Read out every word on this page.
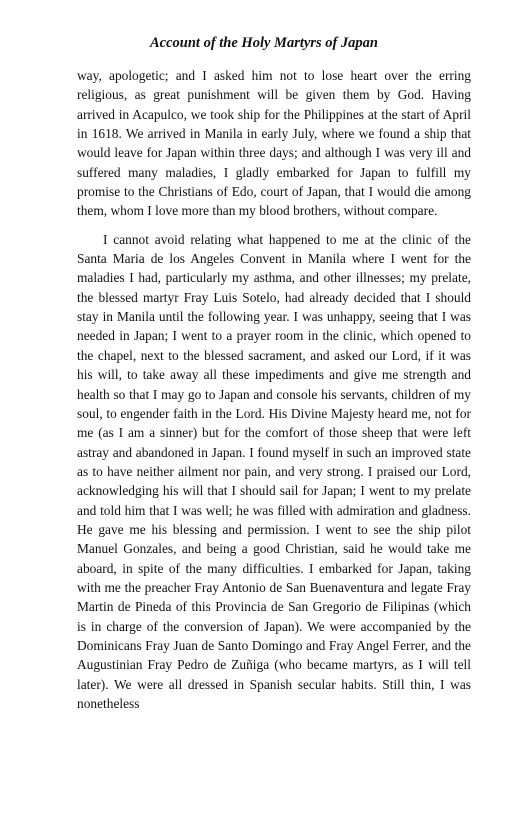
Account of the Holy Martyrs of Japan

way, apologetic; and I asked him not to lose heart over the erring religious, as great punishment will be given them by God. Having arrived in Acapulco, we took ship for the Philippines at the start of April in 1618. We arrived in Manila in early July, where we found a ship that would leave for Japan within three days; and although I was very ill and suffered many maladies, I gladly embarked for Japan to fulfill my promise to the Christians of Edo, court of Japan, that I would die among them, whom I love more than my blood brothers, without compare.

I cannot avoid relating what happened to me at the clinic of the Santa Maria de los Angeles Convent in Manila where I went for the maladies I had, particularly my asthma, and other illnesses; my prelate, the blessed martyr Fray Luis Sotelo, had already decided that I should stay in Manila until the following year. I was unhappy, seeing that I was needed in Japan; I went to a prayer room in the clinic, which opened to the chapel, next to the blessed sacrament, and asked our Lord, if it was his will, to take away all these impediments and give me strength and health so that I may go to Japan and console his servants, children of my soul, to engender faith in the Lord. His Divine Majesty heard me, not for me (as I am a sinner) but for the comfort of those sheep that were left astray and abandoned in Japan. I found myself in such an improved state as to have neither ailment nor pain, and very strong. I praised our Lord, acknowledging his will that I should sail for Japan; I went to my prelate and told him that I was well; he was filled with admiration and gladness. He gave me his blessing and permission. I went to see the ship pilot Manuel Gonzales, and being a good Christian, said he would take me aboard, in spite of the many difficulties. I embarked for Japan, taking with me the preacher Fray Antonio de San Buenaventura and legate Fray Martin de Pineda of this Provincia de San Gregorio de Filipinas (which is in charge of the conversion of Japan). We were accompanied by the Dominicans Fray Juan de Santo Domingo and Fray Angel Ferrer, and the Augustinian Fray Pedro de Zuñiga (who became martyrs, as I will tell later). We were all dressed in Spanish secular habits. Still thin, I was nonetheless
